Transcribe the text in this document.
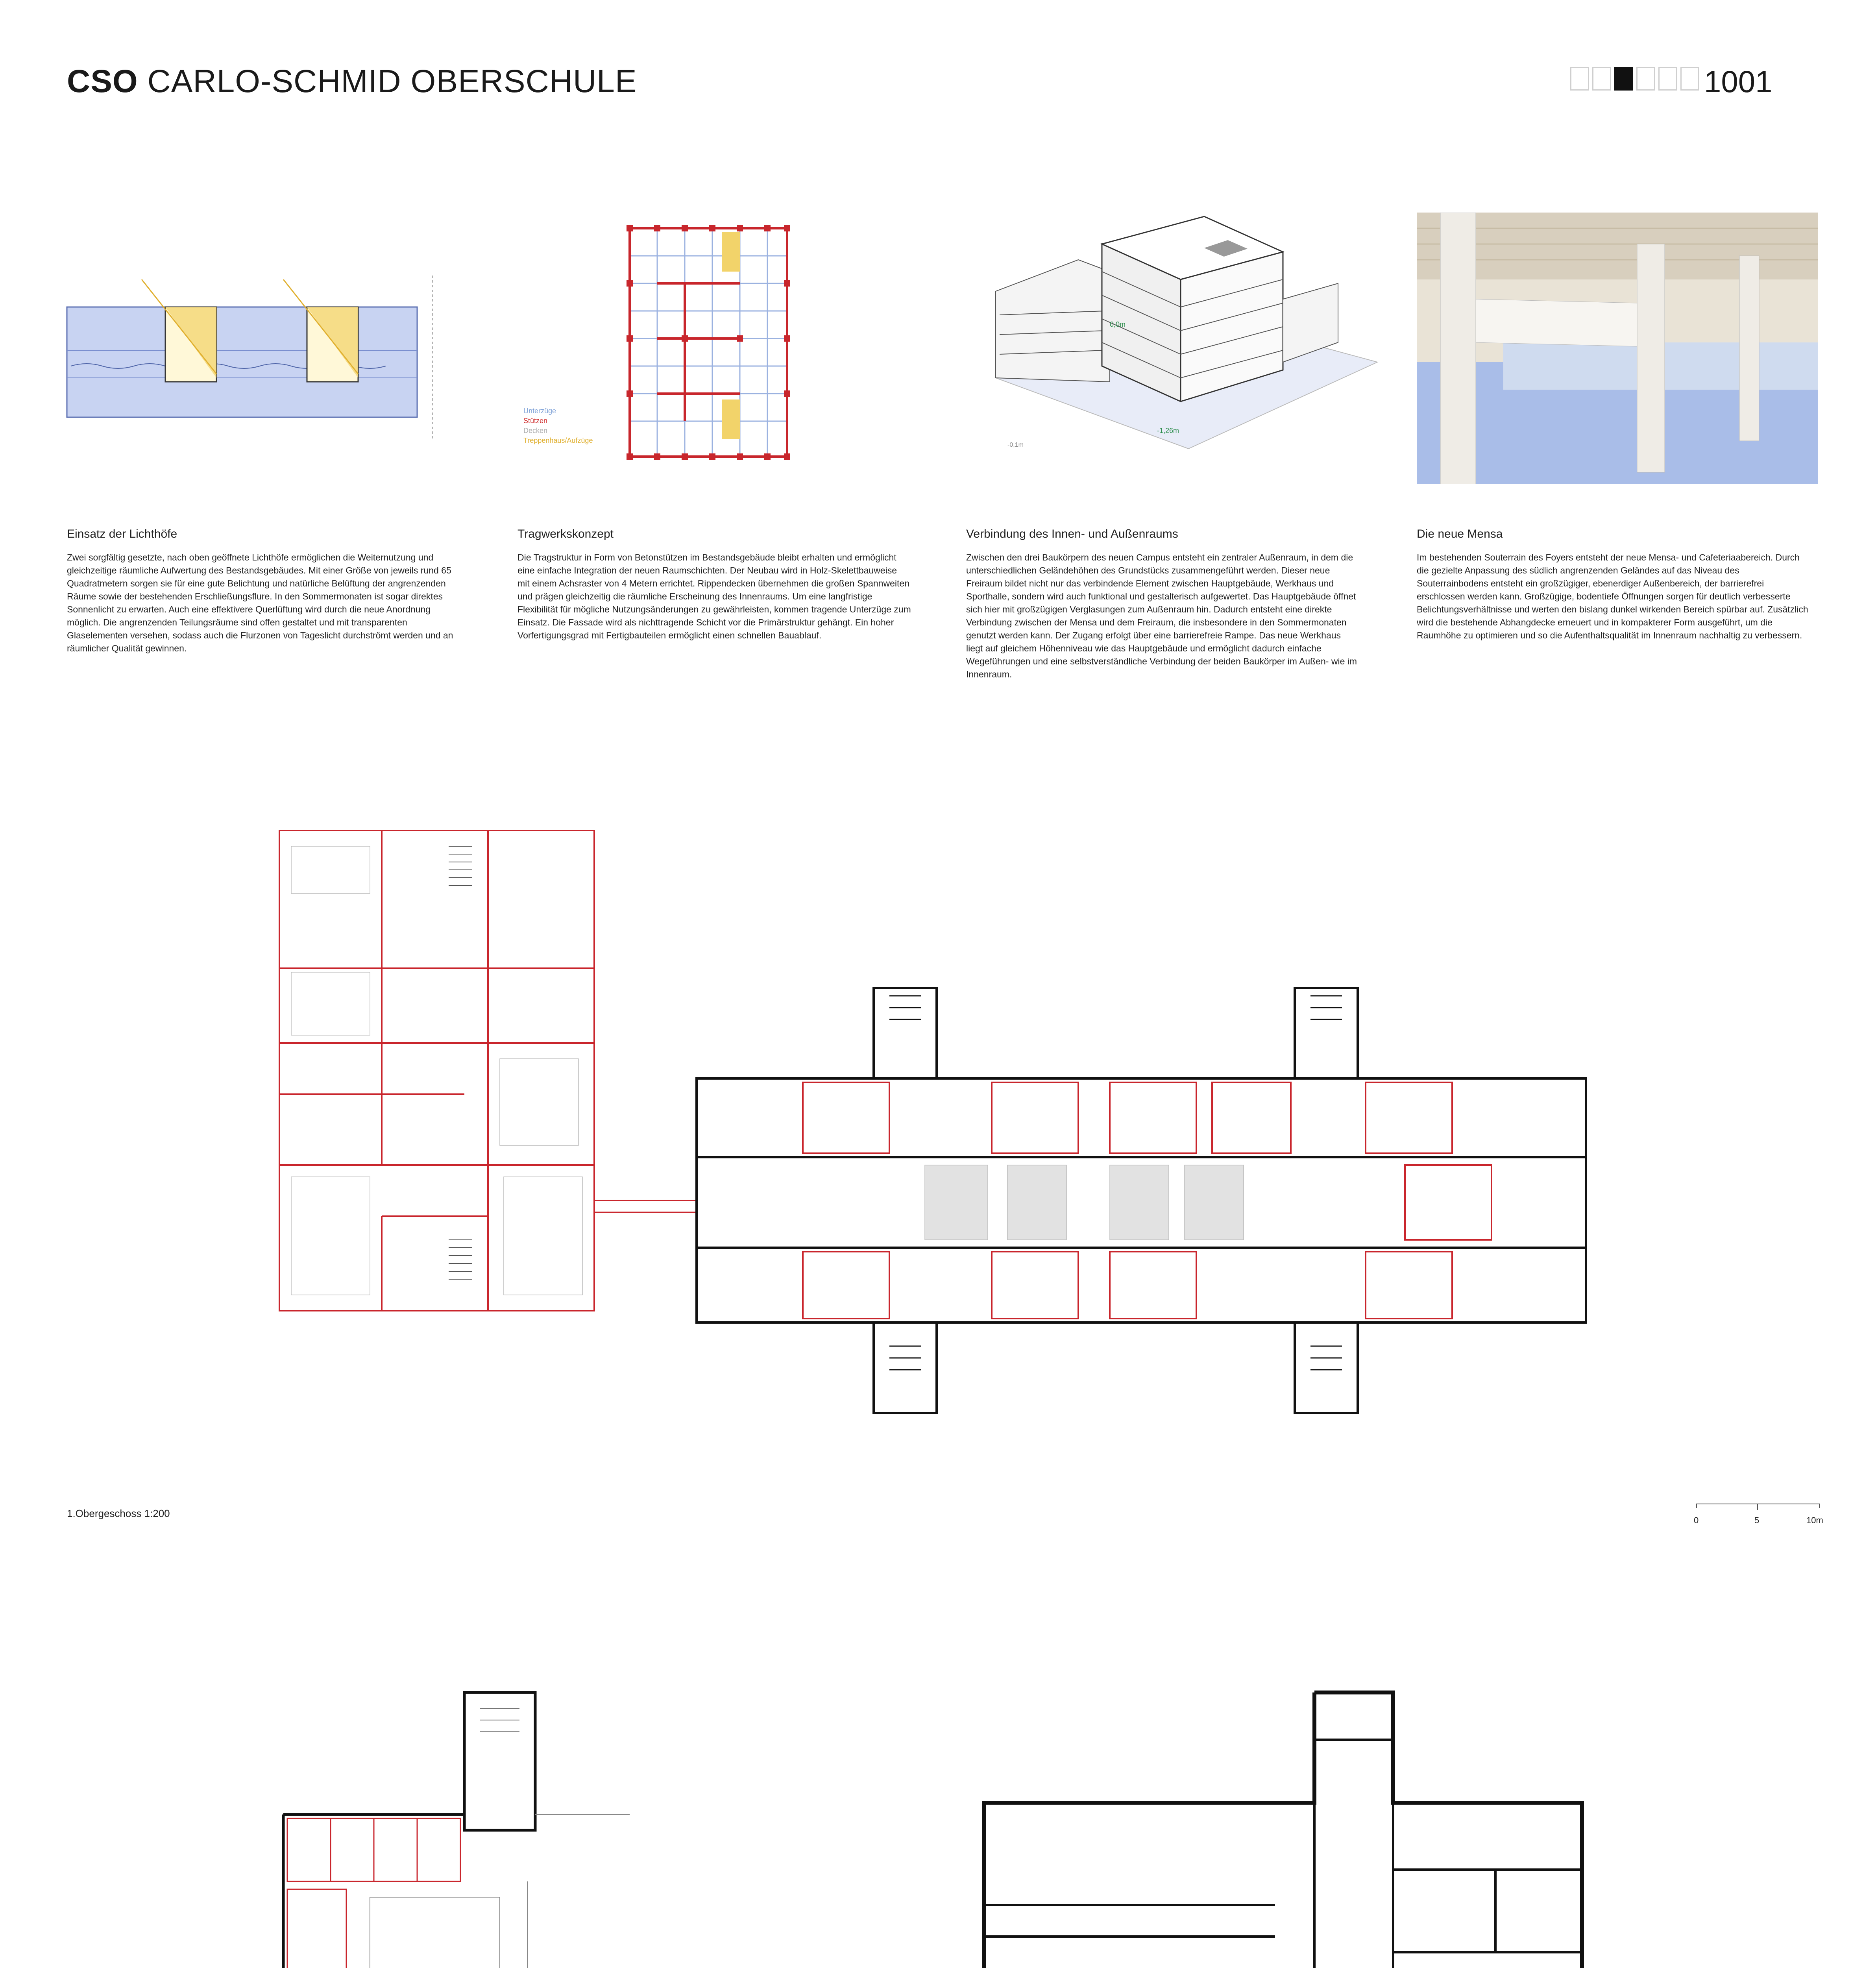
CSO CARLO-SCHMID OBERSCHULE	1001
Unterzüge
Stützen
Decken
Treppenhaus/Aufzüge
0,0m
-1,26m
-0,1m
Einsatz der Lichthöfe
Zwei sorgfältig gesetzte, nach oben geöffnete Lichthöfe ermöglichen die Weiternutzung und gleichzeitige räumliche Aufwertung des Bestandsgebäudes. Mit einer Größe von jeweils rund 65 Quadratmetern sorgen sie für eine gute Belichtung und natürliche Belüftung der angrenzenden Räume sowie der bestehenden Erschließungsflure. In den Sommermonaten ist sogar direktes Sonnenlicht zu erwarten. Auch eine effektivere Querlüftung wird durch die neue Anordnung möglich. Die angrenzenden Teilungsräume sind offen gestaltet und mit transparenten Glaselementen versehen, sodass auch die Flurzonen von Tageslicht durchströmt werden und an räumlicher Qualität gewinnen.
Tragwerkskonzept
Die Tragstruktur in Form von Betonstützen im Bestandsgebäude bleibt erhalten und ermöglicht eine einfache Integration der neuen Raumschichten. Der Neubau wird in Holz-Skelettbauweise mit einem Achsraster von 4 Metern errichtet. Rippendecken übernehmen die großen Spannweiten und prägen gleichzeitig die räumliche Erscheinung des Innenraums. Um eine langfristige Flexibilität für mögliche Nutzungsänderungen zu gewährleisten, kommen tragende Unterzüge zum Einsatz. Die Fassade wird als nichttragende Schicht vor die Primärstruktur gehängt. Ein hoher Vorfertigungsgrad mit Fertigbauteilen ermöglicht einen schnellen Bauablauf.
Verbindung des Innen- und Außenraums
Zwischen den drei Baukörpern des neuen Campus entsteht ein zentraler Außenraum, in dem die unterschiedlichen Geländehöhen des Grundstücks zusammengeführt werden. Dieser neue Freiraum bildet nicht nur das verbindende Element zwischen Hauptgebäude, Werkhaus und Sporthalle, sondern wird auch funktional und gestalterisch aufgewertet. Das Hauptgebäude öffnet sich hier mit großzügigen Verglasungen zum Außenraum hin. Dadurch entsteht eine direkte Verbindung zwischen der Mensa und dem Freiraum, die insbesondere in den Sommermonaten genutzt werden kann. Der Zugang erfolgt über eine barrierefreie Rampe. Das neue Werkhaus liegt auf gleichem Höhenniveau wie das Hauptgebäude und ermöglicht dadurch einfache Wegeführungen und eine selbstverständliche Verbindung der beiden Baukörper im Außen- wie im Innenraum.
Die neue Mensa
Im bestehenden Souterrain des Foyers entsteht der neue Mensa- und Cafeteriaabereich. Durch die gezielte Anpassung des südlich angrenzenden Geländes auf das Niveau des Souterrainbodens entsteht ein großzügiger, ebenerdiger Außenbereich, der barrierefrei erschlossen werden kann. Großzügige, bodentiefe Öffnungen sorgen für deutlich verbesserte Belichtungsverhältnisse und werten den bislang dunkel wirkenden Bereich spürbar auf. Zusätzlich wird die bestehende Abhangdecke erneuert und in kompakterer Form ausgeführt, um die Raumhöhe zu optimieren und so die Aufenthaltsqualität im Innenraum nachhaltig zu verbessern.
1.Obergeschoss 1:200
0	5	10m
